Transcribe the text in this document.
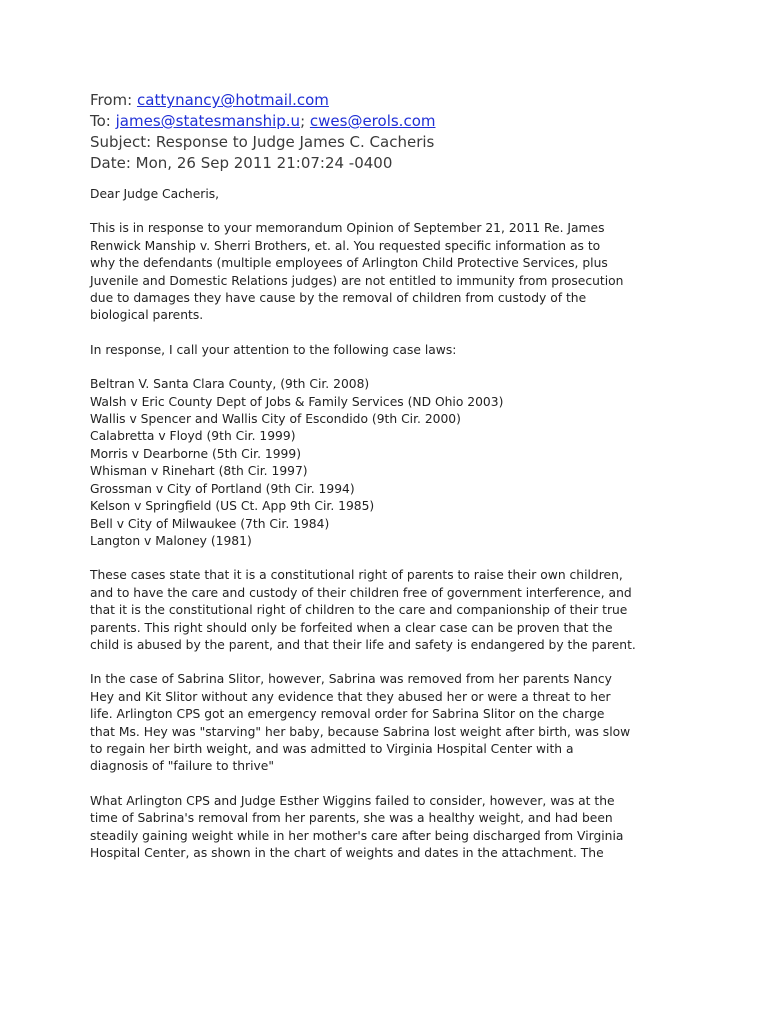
From: cattynancy@hotmail.com
To: james@statesmanship.u; cwes@erols.com
Subject: Response to Judge James C. Cacheris
Date: Mon, 26 Sep 2011 21:07:24 -0400

Dear Judge Cacheris,

This is in response to your memorandum Opinion of September 21, 2011 Re. James
Renwick Manship v. Sherri Brothers, et. al. You requested specific information as to
why the defendants (multiple employees of Arlington Child Protective Services, plus
Juvenile and Domestic Relations judges) are not entitled to immunity from prosecution
due to damages they have cause by the removal of children from custody of the
biological parents.

In response, I call your attention to the following case laws:

Beltran V. Santa Clara County, (9th Cir. 2008)
Walsh v Eric County Dept of Jobs & Family Services (ND Ohio 2003)
Wallis v Spencer and Wallis City of Escondido (9th Cir. 2000)
Calabretta v Floyd (9th Cir. 1999)
Morris v Dearborne (5th Cir. 1999)
Whisman v Rinehart (8th Cir. 1997)
Grossman v City of Portland (9th Cir. 1994)
Kelson v Springfield (US Ct. App 9th Cir. 1985)
Bell v City of Milwaukee (7th Cir. 1984)
Langton v Maloney (1981)

These cases state that it is a constitutional right of parents to raise their own children,
and to have the care and custody of their children free of government interference, and
that it is the constitutional right of children to the care and companionship of their true
parents. This right should only be forfeited when a clear case can be proven that the
child is abused by the parent, and that their life and safety is endangered by the parent.

In the case of Sabrina Slitor, however, Sabrina was removed from her parents Nancy
Hey and Kit Slitor without any evidence that they abused her or were a threat to her
life. Arlington CPS got an emergency removal order for Sabrina Slitor on the charge
that Ms. Hey was "starving" her baby, because Sabrina lost weight after birth, was slow
to regain her birth weight, and was admitted to Virginia Hospital Center with a
diagnosis of "failure to thrive"

What Arlington CPS and Judge Esther Wiggins failed to consider, however, was at the
time of Sabrina's removal from her parents, she was a healthy weight, and had been
steadily gaining weight while in her mother's care after being discharged from Virginia
Hospital Center, as shown in the chart of weights and dates in the attachment. The
